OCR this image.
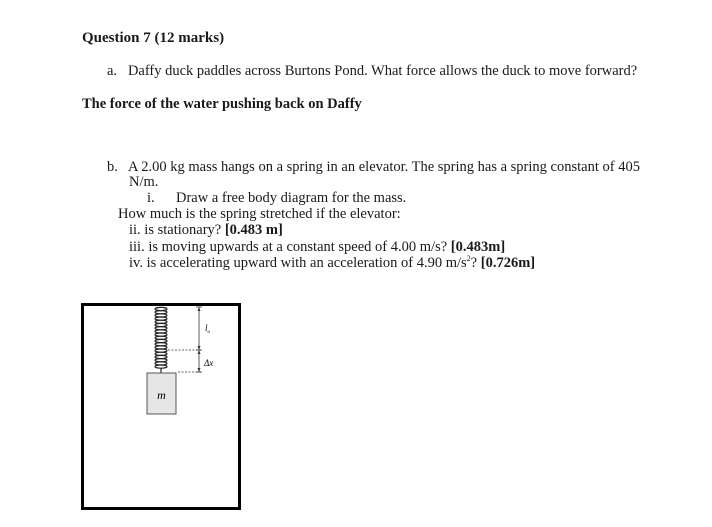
Question 7 (12 marks)
a. Daffy duck paddles across Burtons Pond. What force allows the duck to move forward?
The force of the water pushing back on Daffy
b. A 2.00 kg mass hangs on a spring in an elevator. The spring has a spring constant of 405
N/m.
i. Draw a free body diagram for the mass.
How much is the spring stretched if the elevator:
ii. is stationary? [0.483 m]
iii. is moving upwards at a constant speed of 4.00 m/s? [0.483m]
iv. is accelerating upward with an acceleration of 4.90 $m/s^2$? [0.726m]
m
$l_o$
Δx
